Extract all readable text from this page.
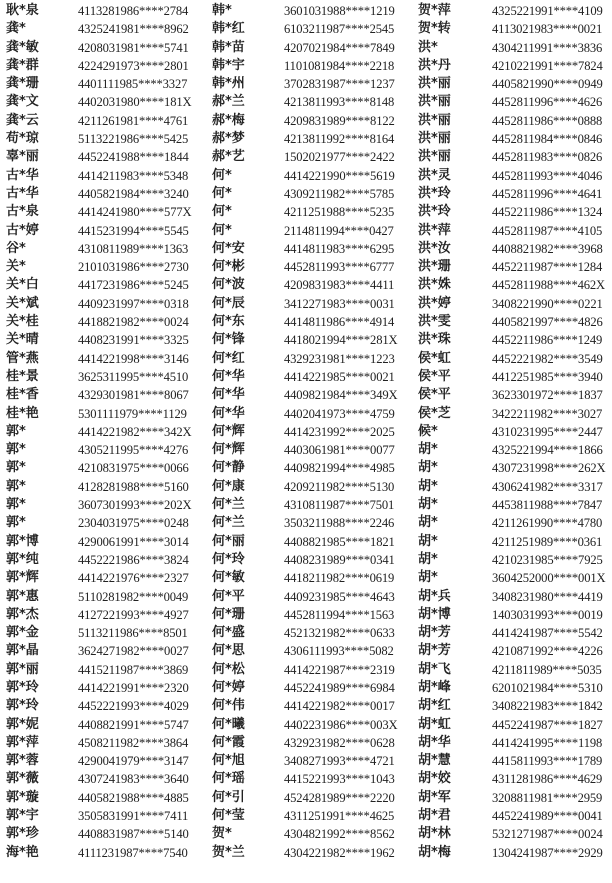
耿*泉	4113281986****2784
龚*	4325241981****8962
龚*敏	4208031981****5741
龚*群	4224291973****2801
龚*珊	4401111985****3327
龚*文	4402031980****181X
龚*云	4211261981****4761
苟*琼	5113221986****5425
辜*丽	4452241988****1844
古*华	4414211983****5348
古*华	4405821984****3240
古*泉	4414241980****577X
古*婷	4415231994****5545
谷*	4310811989****1363
关*	2101031986****2730
关*白	4417231986****5245
关*斌	4409231997****0318
关*桂	4418821982****0024
关*晴	4408231991****3325
管*燕	4414221998****3146
桂*景	3625311995****4510
桂*香	4329301981****8067
桂*艳	5301111979****1129
郭*	4414221982****342X
郭*	4305211995****4276
郭*	4210831975****0066
郭*	4128281988****5160
郭*	3607301993****202X
郭*	2304031975****0248
郭*博	4290061991****3014
郭*纯	4452221986****3824
郭*辉	4414221976****2327
郭*惠	5110281982****0049
郭*杰	4127221993****4927
郭*金	5113211986****8501
郭*晶	3624271982****0027
郭*丽	4415211987****3869
郭*玲	4414221991****2320
郭*玲	4452221993****4029
郭*妮	4408821991****5747
郭*萍	4508211982****3864
郭*蓉	4290041979****3147
郭*薇	4307241983****3640
郭*璇	4405821988****4885
郭*宇	3505831991****7411
郭*珍	4408831987****5140
海*艳	4111231987****7540
韩*	3601031988****1219
韩*红	6103211987****2545
韩*苗	4207021984****7849
韩*宇	1101081984****2218
韩*州	3702831987****1237
郝*兰	4213811993****8148
郝*梅	4209831989****8122
郝*梦	4213811992****8164
郝*艺	1502021977****2422
何*	4414221990****5619
何*	4309211982****5785
何*	4211251988****5235
何*	2114811994****0427
何*安	4414811983****6295
何*彬	4452811993****6777
何*波	4209831983****4411
何*辰	3412271983****0031
何*东	4414811986****4914
何*锋	4418021994****281X
何*红	4329231981****1223
何*华	4414221985****0021
何*华	4409821984****349X
何*华	4402041973****4759
何*辉	4414231992****2025
何*辉	4403061981****0077
何*静	4409821994****4985
何*康	4209211982****5130
何*兰	4310811987****7501
何*兰	3503211988****2246
何*丽	4408821985****1821
何*玲	4408231989****0341
何*敏	4418211982****0619
何*平	4409231985****4643
何*珊	4452811994****1563
何*盛	4521321982****0633
何*思	4306111993****5082
何*松	4414221987****2319
何*婷	4452241989****6984
何*伟	4414221982****0017
何*曦	4402231986****003X
何*霞	4329231982****0628
何*旭	3408271993****4721
何*瑶	4415221993****1043
何*引	4524281989****2220
何*莹	4311251991****4625
贺*	4304821992****8562
贺*兰	4304221982****1962
贺*萍	4325221991****4109
贺*转	4113021983****0021
洪*	4304211991****3836
洪*丹	4210221991****7824
洪*丽	4405821990****0949
洪*丽	4452811996****4626
洪*丽	4452811986****0888
洪*丽	4452811984****0846
洪*丽	4452811983****0826
洪*灵	4452811993****4046
洪*玲	4452811996****4641
洪*玲	4452211986****1324
洪*萍	4452811987****4105
洪*汝	4408821982****3968
洪*珊	4452211987****1284
洪*姝	4452811988****462X
洪*婷	3408221990****0221
洪*雯	4405821997****4826
洪*珠	4452211986****1249
侯*虹	4452221982****3549
侯*平	4412251985****3940
侯*平	3623301972****1837
侯*芝	3422211982****3027
候*	4310231995****2447
胡*	4325221994****1866
胡*	4307231998****262X
胡*	4306241982****3317
胡*	4453811988****7847
胡*	4211261990****4780
胡*	4211251989****0361
胡*	4210231985****7925
胡*	3604252000****001X
胡*兵	3408231980****4419
胡*博	1403031993****0019
胡*芳	4414241987****5542
胡*芳	4210871992****4226
胡*飞	4211811989****5035
胡*峰	6201021984****5310
胡*红	3408221983****1842
胡*虹	4452241987****1827
胡*华	4414241995****1198
胡*慧	4415811993****1789
胡*姣	4311281986****4629
胡*军	3208811981****2959
胡*君	4452241989****0041
胡*林	5321271987****0024
胡*梅	1304241987****2929
